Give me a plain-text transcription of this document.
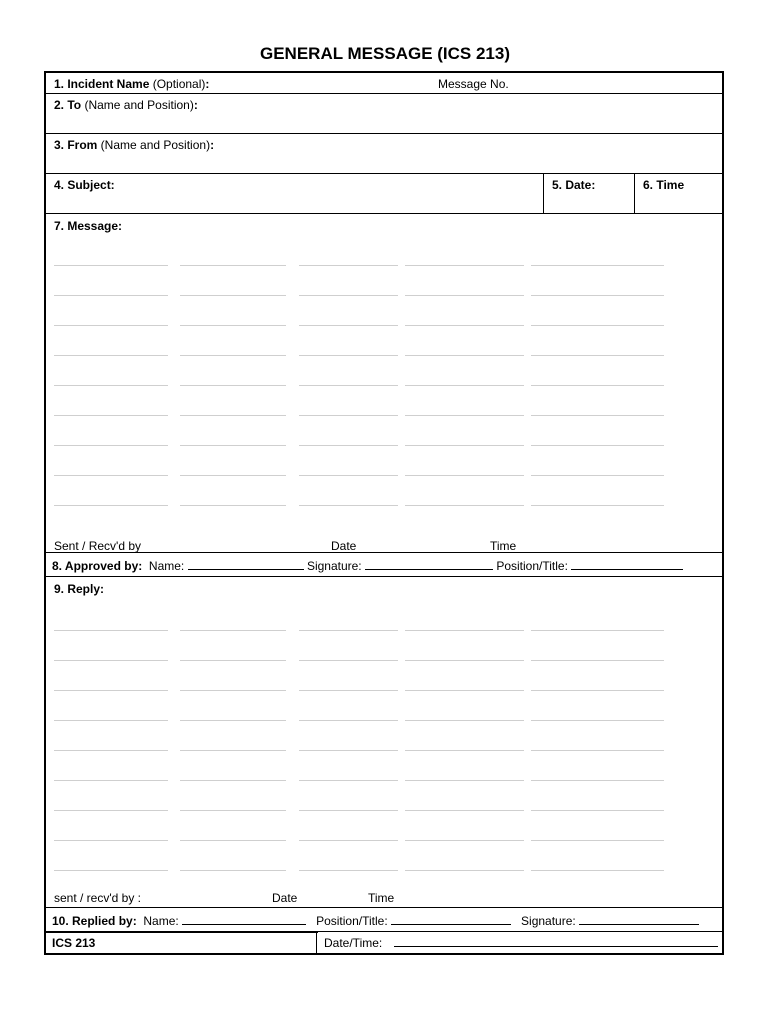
GENERAL MESSAGE (ICS 213)
1. Incident Name (Optional):	Message No.
2. To (Name and Position):
3. From (Name and Position):
4. Subject:	5. Date:	6. Time
7. Message:
Sent / Recv'd by	Date	Time
8. Approved by: Name:	Signature:	Position/Title:
9. Reply:
sent / recv'd by :	Date	Time
10. Replied by: Name:	Position/Title:	Signature:
ICS 213	Date/Time:
